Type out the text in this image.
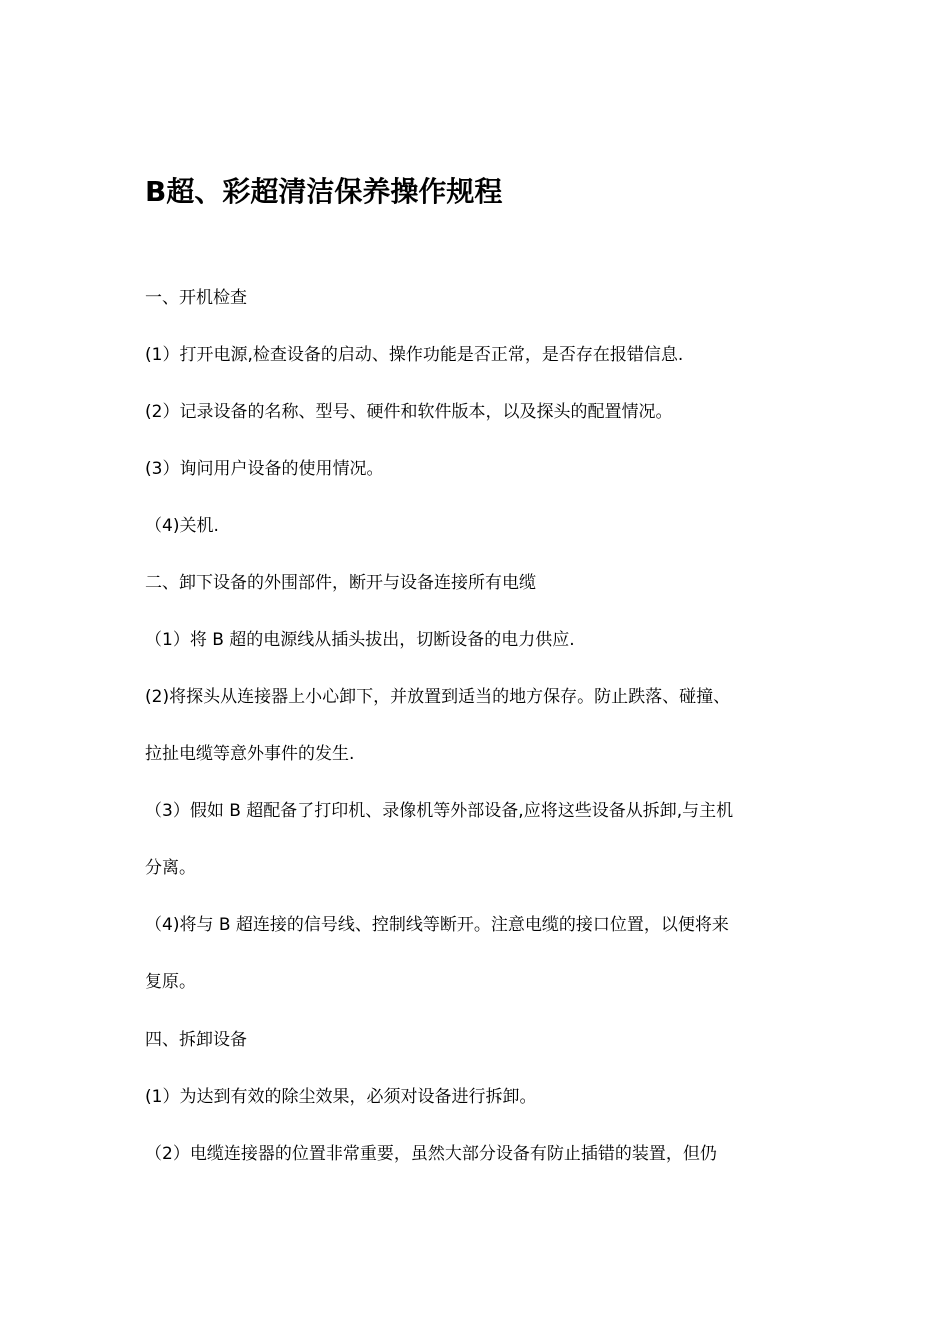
B超、彩超清洁保养操作规程

一、开机检查

(1）打开电源,检查设备的启动、操作功能是否正常，是否存在报错信息.

(2）记录设备的名称、型号、硬件和软件版本，以及探头的配置情况。

(3）询问用户设备的使用情况。

（4)关机.

二、卸下设备的外围部件，断开与设备连接所有电缆

（1）将 B 超的电源线从插头拔出，切断设备的电力供应.

(2)将探头从连接器上小心卸下，并放置到适当的地方保存。防止跌落、碰撞、

拉扯电缆等意外事件的发生.

（3）假如 B 超配备了打印机、录像机等外部设备,应将这些设备从拆卸,与主机

分离。

（4)将与 B 超连接的信号线、控制线等断开。注意电缆的接口位置，以便将来

复原。

四、拆卸设备

(1）为达到有效的除尘效果，必须对设备进行拆卸。

（2）电缆连接器的位置非常重要，虽然大部分设备有防止插错的装置，但仍
